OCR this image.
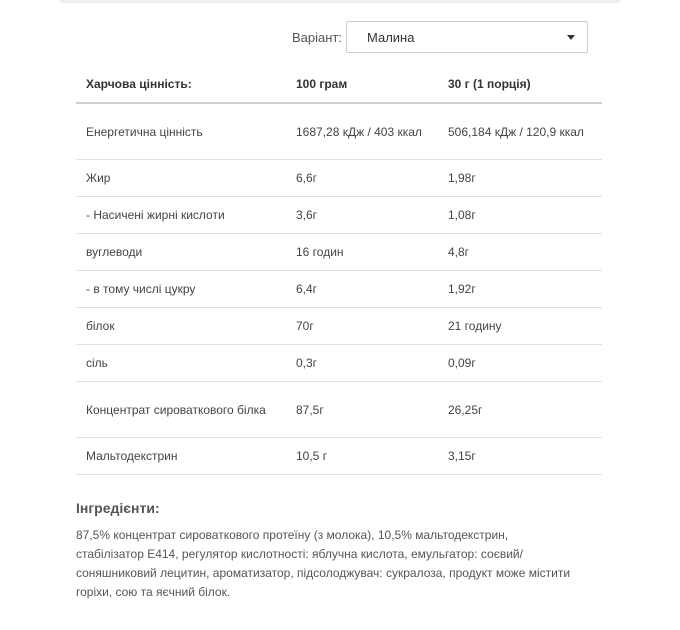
Варіант:	Малина
Харчова цінність:	100 грам	30 г (1 порція)
Енергетична цінність	1687,28 кДж / 403 ккал	506,184 кДж / 120,9 ккал
Жир	6,6г	1,98г
- Насичені жирні кислоти	3,6г	1,08г
вуглеводи	16 годин	4,8г
- в тому числі цукру	6,4г	1,92г
білок	70г	21 годину
сіль	0,3г	0,09г
Концентрат сироваткового білка	87,5г	26,25г
Мальтодекстрин	10,5 г	3,15г
Інгредієнти:

87,5% концентрат сироваткового протеїну (з молока), 10,5% мальтодекстрин, стабілізатор E414, регулятор кислотності: яблучна кислота, емульгатор: соєвий/соняшниковий лецитин, ароматизатор, підсолоджувач: сукралоза, продукт може містити горіхи, сою та яєчний білок.
